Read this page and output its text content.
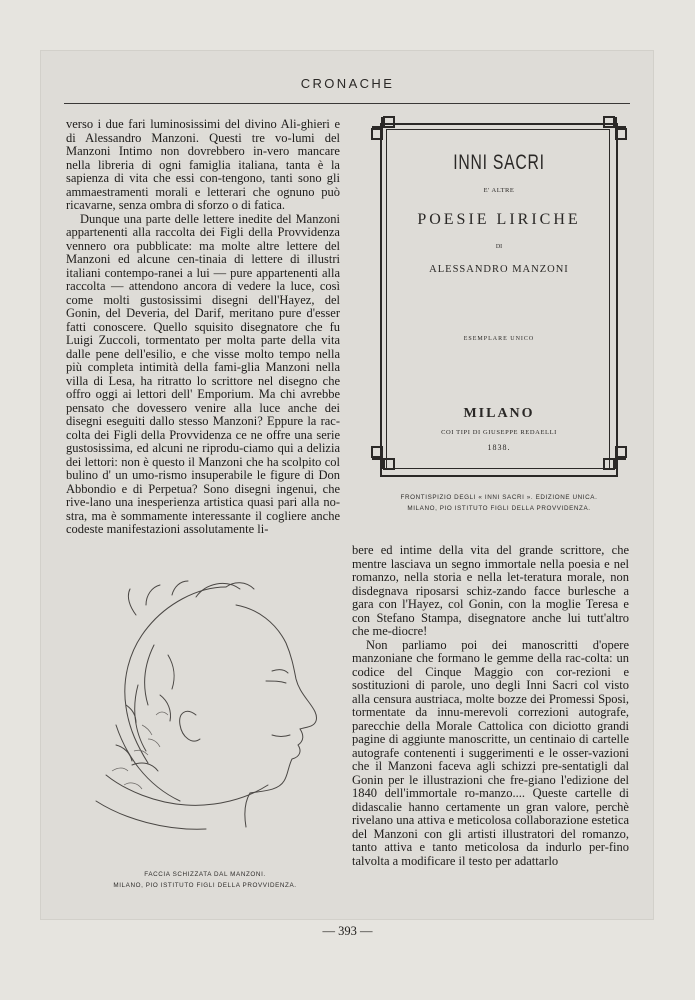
CRONACHE

verso i due fari luminosissimi del divino Ali-ghieri e di Alessandro Manzoni. Questi tre vo-lumi del Manzoni Intimo non dovrebbero in-vero mancare nella libreria di ogni famiglia italiana, tanta è la sapienza di vita che essi con-tengono, tanti sono gli ammaestramenti morali e letterari che ognuno può ricavarne, senza ombra di sforzo o di fatica.

Dunque una parte delle lettere inedite del Manzoni appartenenti alla raccolta dei Figli della Provvidenza vennero ora pubblicate: ma molte altre lettere del Manzoni ed alcune cen-tinaia di lettere di illustri italiani contempo-ranei a lui — pure appartenenti alla raccolta — attendono ancora di vedere la luce, così come molti gustosissimi disegni dell'Hayez, del Gonin, del Deveria, del Darif, meritano pure d'esser fatti conoscere. Quello squisito disegnatore che fu Luigi Zuccoli, tormentato per molta parte della vita dalle pene dell'esilio, e che visse molto tempo nella più completa intimità della fami-glia Manzoni nella villa di Lesa, ha ritratto lo scrittore nel disegno che offro oggi ai lettori dell' Emporium. Ma chi avrebbe pensato che dovessero venire alla luce anche dei disegni eseguiti dallo stesso Manzoni? Eppure la rac-colta dei Figli della Provvidenza ce ne offre una serie gustosissima, ed alcuni ne riprodu-ciamo qui a delizia dei lettori: non è questo il Manzoni che ha scolpito col bulino d' un umo-rismo insuperabile le figure di Don Abbondio e di Perpetua? Sono disegni ingenui, che rive-lano una inesperienza artistica quasi pari alla no-stra, ma è sommamente interessante il cogliere anche codeste manifestazioni assolutamente li-

INNI SACRI
E' ALTRE
POESIE LIRICHE
DI
ALESSANDRO MANZONI
ESEMPLARE UNICO
MILANO
COI TIPI DI GIUSEPPE REDAELLI
1838.
FRONTISPIZIO DEGLI « INNI SACRI ». EDIZIONE UNICA.
MILANO, PIO ISTITUTO FIGLI DELLA PROVVIDENZA.

bere ed intime della vita del grande scrittore, che mentre lasciava un segno immortale nella poesia e nel romanzo, nella storia e nella let-teratura morale, non disdegnava riposarsi schiz-zando facce burlesche a gara con l'Hayez, col Gonin, con la moglie Teresa e con Stefano Stampa, disegnatore anche lui tutt'altro che me-diocre!

Non parliamo poi dei manoscritti d'opere manzoniane che formano le gemme della rac-colta: un codice del Cinque Maggio con cor-rezioni e sostituzioni di parole, uno degli Inni Sacri col visto alla censura austriaca, molte bozze dei Promessi Sposi, tormentate da innu-merevoli correzioni autografe, parecchie della Morale Cattolica con diciotto grandi pagine di aggiunte manoscritte, un centinaio di cartelle autografe contenenti i suggerimenti e le osser-vazioni che il Manzoni faceva agli schizzi pre-sentatigli dal Gonin per le illustrazioni che fre-giano l'edizione del 1840 dell'immortale ro-manzo.... Queste cartelle di didascalie hanno certamente un gran valore, perchè rivelano una attiva e meticolosa collaborazione estetica del Manzoni con gli artisti illustratori del romanzo, tanto attiva e tanto meticolosa da indurlo per-fino talvolta a modificare il testo per adattarlo

FACCIA SCHIZZATA DAL MANZONI.
MILANO, PIO ISTITUTO FIGLI DELLA PROVVIDENZA.
— 393 —
